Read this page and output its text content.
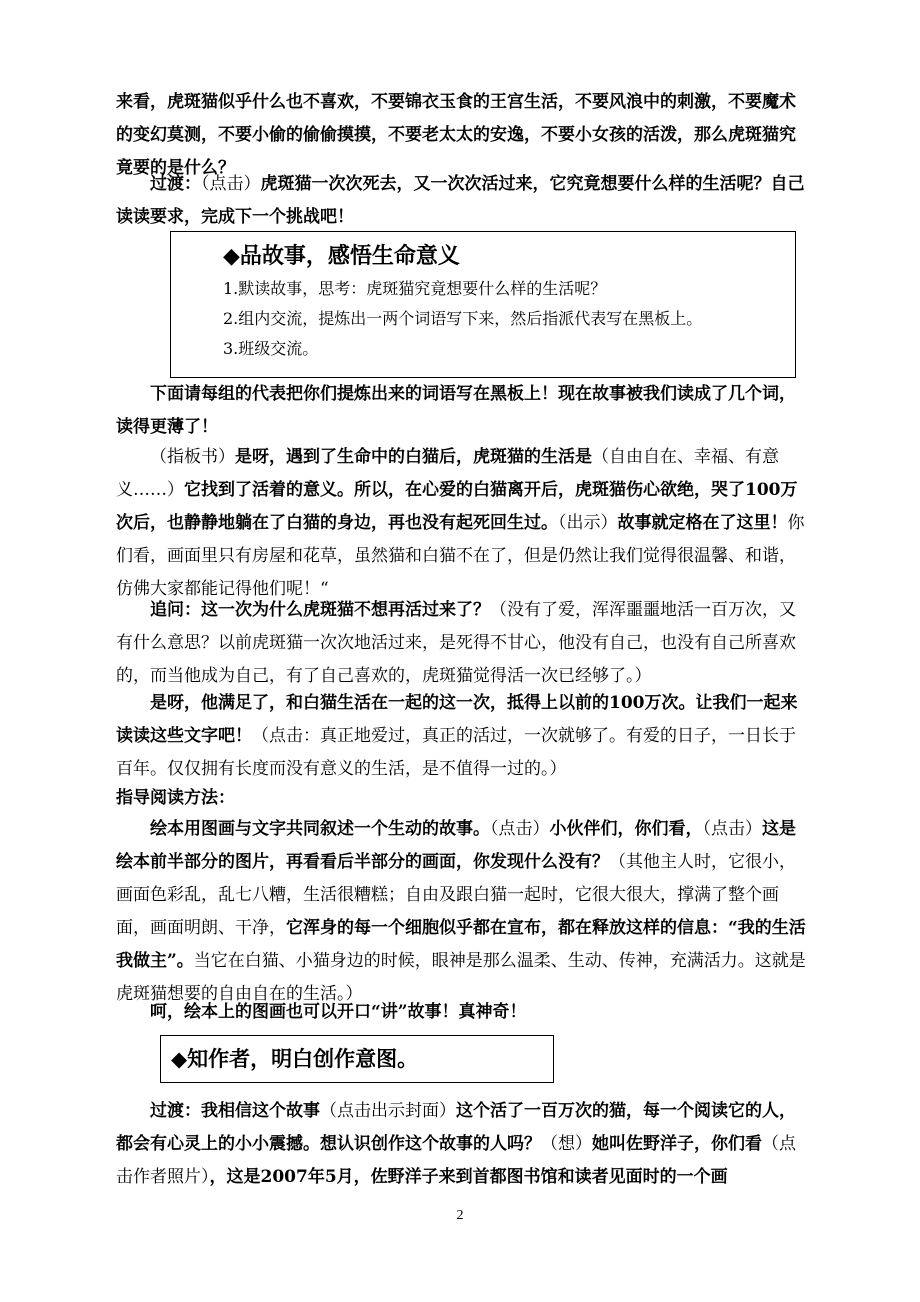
来看，虎斑猫似乎什么也不喜欢，不要锦衣玉食的王宫生活，不要风浪中的刺激，不要魔术的变幻莫测，不要小偷的偷偷摸摸，不要老太太的安逸，不要小女孩的活泼，那么虎斑猫究竟要的是什么？

过渡：（点击）虎斑猫一次次死去，又一次次活过来，它究竟想要什么样的生活呢？自己读读要求，完成下一个挑战吧！

◆品故事，感悟生命意义

1.默读故事，思考：虎斑猫究竟想要什么样的生活呢？

2.组内交流，提炼出一两个词语写下来，然后指派代表写在黑板上。

3.班级交流。

下面请每组的代表把你们提炼出来的词语写在黑板上！现在故事被我们读成了几个词，读得更薄了！

（指板书）是呀，遇到了生命中的白猫后，虎斑猫的生活是（自由自在、幸福、有意义……）它找到了活着的意义。所以，在心爱的白猫离开后，虎斑猫伤心欲绝，哭了100万次后，也静静地躺在了白猫的身边，再也没有起死回生过。（出示）故事就定格在了这里！你们看，画面里只有房屋和花草，虽然猫和白猫不在了，但是仍然让我们觉得很温馨、和谐，仿佛大家都能记得他们呢！“

追问：这一次为什么虎斑猫不想再活过来了？（没有了爱，浑浑噩噩地活一百万次，又有什么意思？以前虎斑猫一次次地活过来，是死得不甘心，他没有自己，也没有自己所喜欢的，而当他成为自己，有了自己喜欢的，虎斑猫觉得活一次已经够了。）

是呀，他满足了，和白猫生活在一起的这一次，抵得上以前的100万次。让我们一起来读读这些文字吧！（点击：真正地爱过，真正的活过，一次就够了。有爱的日子，一日长于百年。仅仅拥有长度而没有意义的生活，是不值得一过的。）

指导阅读方法：

绘本用图画与文字共同叙述一个生动的故事。（点击）小伙伴们，你们看，（点击）这是绘本前半部分的图片，再看看后半部分的画面，你发现什么没有？（其他主人时，它很小，画面色彩乱，乱七八糟，生活很糟糕；自由及跟白猫一起时，它很大很大，撑满了整个画面，画面明朗、干净，它浑身的每一个细胞似乎都在宣布，都在释放这样的信息：“我的生活我做主”。当它在白猫、小猫身边的时候，眼神是那么温柔、生动、传神，充满活力。这就是虎斑猫想要的自由自在的生活。）

呵，绘本上的图画也可以开口“讲”故事！真神奇！

◆知作者，明白创作意图。

过渡：我相信这个故事（点击出示封面）这个活了一百万次的猫，每一个阅读它的人，都会有心灵上的小小震撼。想认识创作这个故事的人吗？（想）她叫佐野洋子，你们看（点击作者照片），这是2007年5月，佐野洋子来到首都图书馆和读者见面时的一个画

2
